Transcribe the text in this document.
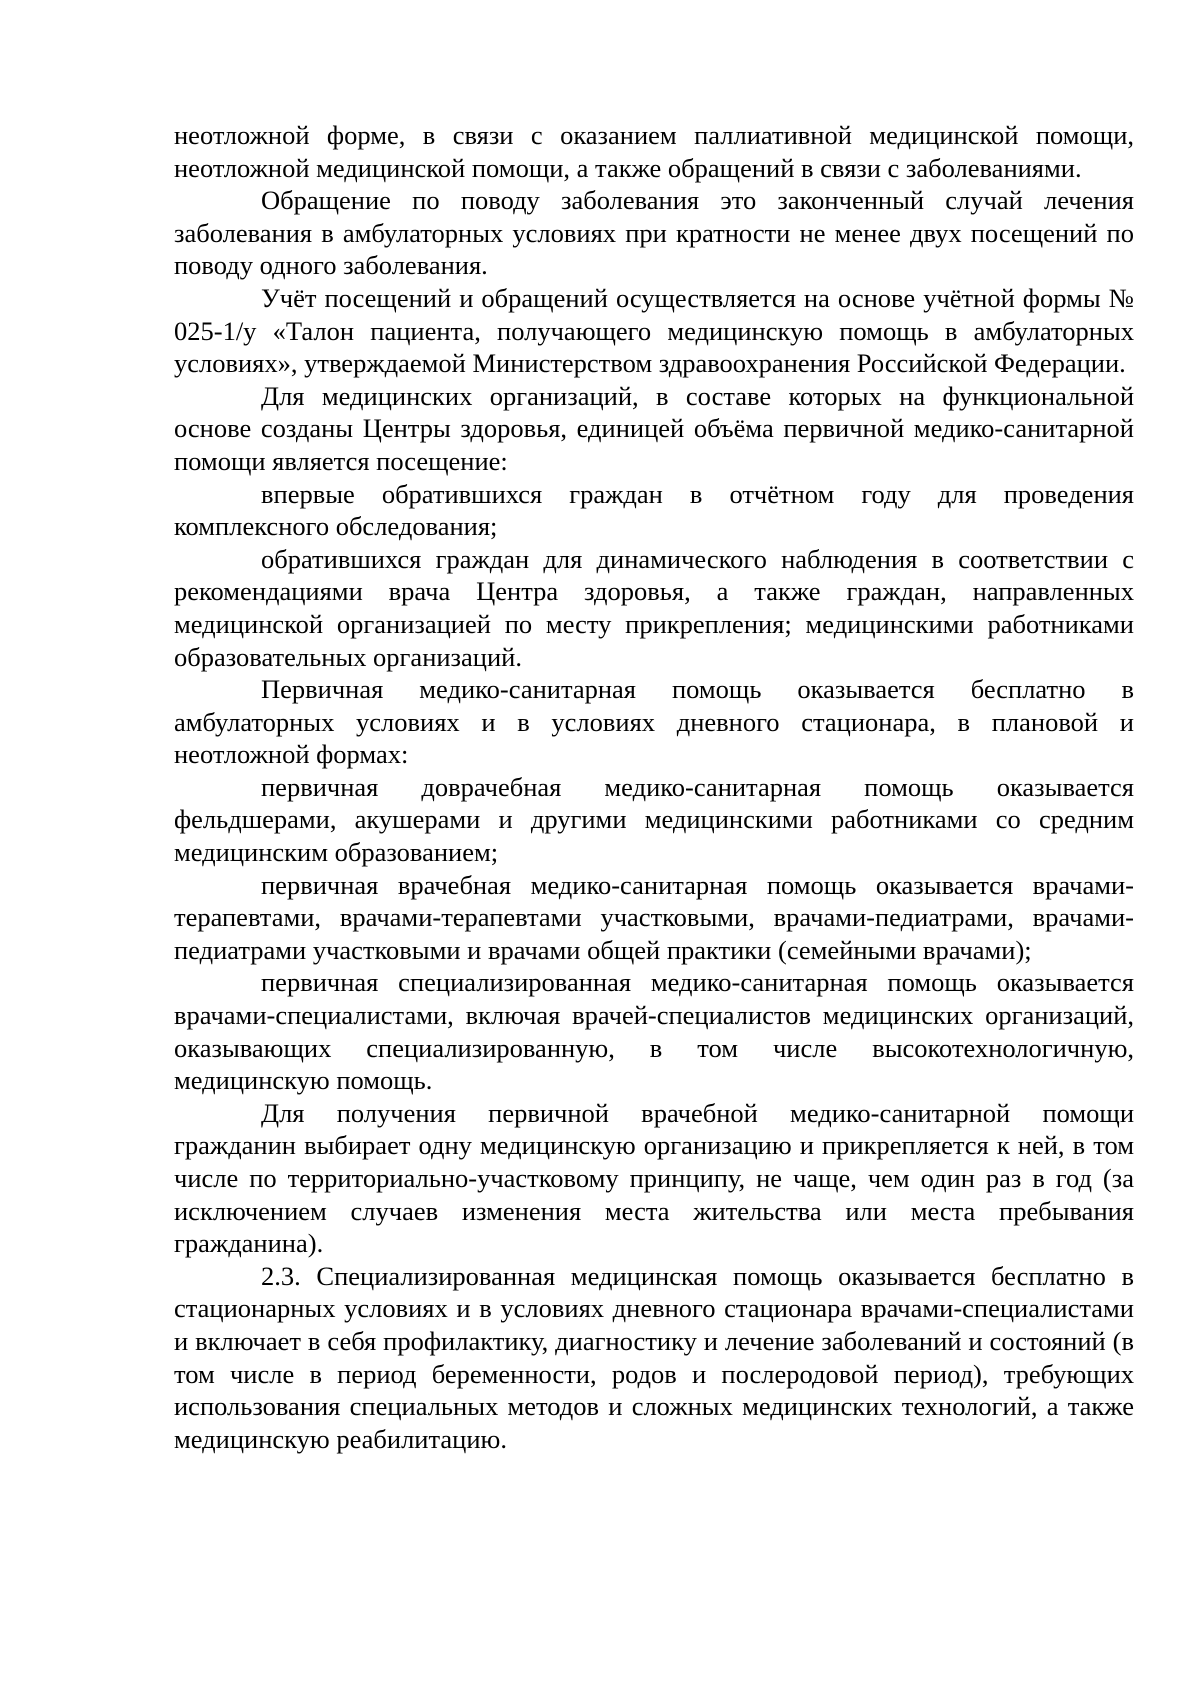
неотложной форме, в связи с оказанием паллиативной медицинской помощи, неотложной медицинской помощи, а также обращений в связи с заболеваниями.

Обращение по поводу заболевания это законченный случай лечения заболевания в амбулаторных условиях при кратности не менее двух посещений по поводу одного заболевания.

Учёт посещений и обращений осуществляется на основе учётной формы № 025-1/у «Талон пациента, получающего медицинскую помощь в амбулаторных условиях», утверждаемой Министерством здравоохранения Российской Федерации.

Для медицинских организаций, в составе которых на функциональной основе созданы Центры здоровья, единицей объёма первичной медико-санитарной помощи является посещение:

впервые обратившихся граждан в отчётном году для проведения комплексного обследования;

обратившихся граждан для динамического наблюдения в соответствии с рекомендациями врача Центра здоровья, а также граждан, направленных медицинской организацией по месту прикрепления; медицинскими работниками образовательных организаций.

Первичная медико-санитарная помощь оказывается бесплатно в амбулаторных условиях и в условиях дневного стационара, в плановой и неотложной формах:

первичная доврачебная медико-санитарная помощь оказывается фельдшерами, акушерами и другими медицинскими работниками со средним медицинским образованием;

первичная врачебная медико-санитарная помощь оказывается врачами-терапевтами, врачами-терапевтами участковыми, врачами-педиатрами, врачами-педиатрами участковыми и врачами общей практики (семейными врачами);

первичная специализированная медико-санитарная помощь оказывается врачами-специалистами, включая врачей-специалистов медицинских организаций, оказывающих специализированную, в том числе высокотехнологичную, медицинскую помощь.

Для получения первичной врачебной медико-санитарной помощи гражданин выбирает одну медицинскую организацию и прикрепляется к ней, в том числе по территориально-участковому принципу, не чаще, чем один раз в год (за исключением случаев изменения места жительства или места пребывания гражданина).

2.3. Специализированная медицинская помощь оказывается бесплатно в стационарных условиях и в условиях дневного стационара врачами-специалистами и включает в себя профилактику, диагностику и лечение заболеваний и состояний (в том числе в период беременности, родов и послеродовой период), требующих использования специальных методов и сложных медицинских технологий, а также медицинскую реабилитацию.
